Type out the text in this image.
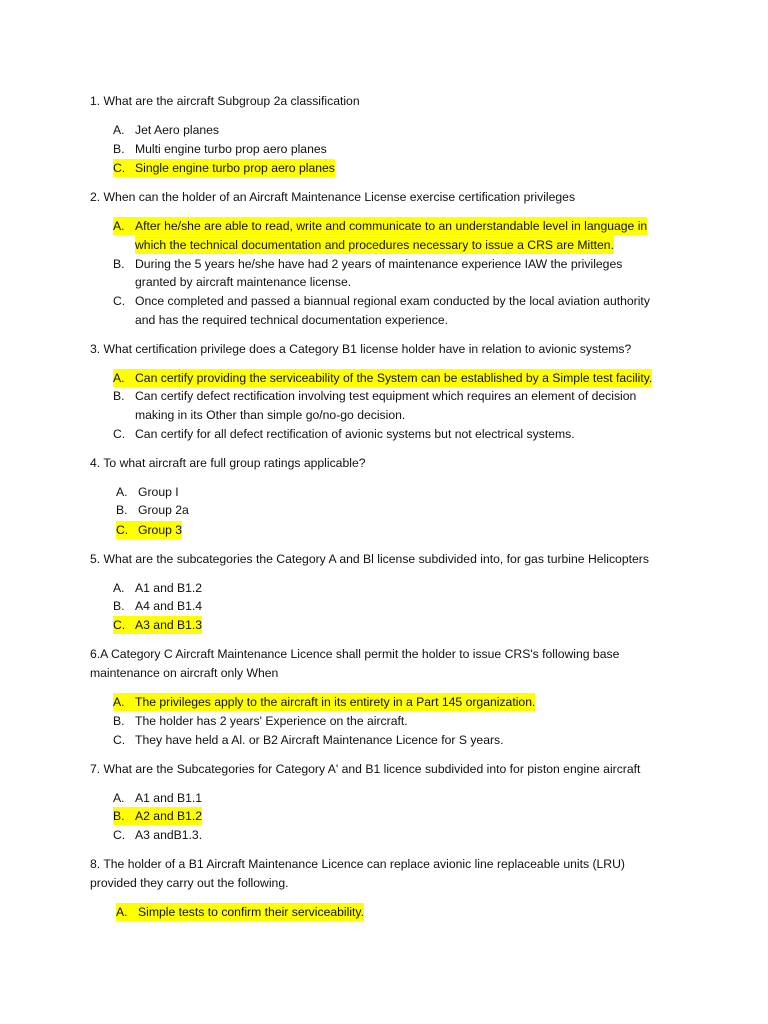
1. What are the aircraft Subgroup 2a classification
A. Jet Aero planes
B. Multi engine turbo prop aero planes
C. Single engine turbo prop aero planes
2. When can the holder of an Aircraft Maintenance License exercise certification privileges
A. After he/she are able to read, write and communicate to an understandable level in language in
which the technical documentation and procedures necessary to issue a CRS are Mitten.
B. During the 5 years he/she have had 2 years of maintenance experience IAW the privileges
granted by aircraft maintenance license.
C. Once completed and passed a biannual regional exam conducted by the local aviation authority
and has the required technical documentation experience.
3. What certification privilege does a Category B1 license holder have in relation to avionic systems?
A. Can certify providing the serviceability of the System can be established by a Simple test facility.
B. Can certify defect rectification involving test equipment which requires an element of decision
making in its Other than simple go/no-go decision.
C. Can certify for all defect rectification of avionic systems but not electrical systems.
4. To what aircraft are full group ratings applicable?
A. Group I
B. Group 2a
C. Group 3
5. What are the subcategories the Category A and Bl license subdivided into, for gas turbine Helicopters
A. A1 and B1.2
B. A4 and B1.4
C. A3 and B1.3
6.A Category C Aircraft Maintenance Licence shall permit the holder to issue CRS's following base
maintenance on aircraft only When
A. The privileges apply to the aircraft in its entirety in a Part 145 organization.
B. The holder has 2 years' Experience on the aircraft.
C. They have held a Al. or B2 Aircraft Maintenance Licence for S years.
7. What are the Subcategories for Category A' and B1 licence subdivided into for piston engine aircraft
A. A1 and B1.1
B. A2 and B1.2
C. A3 andB1.3.
8. The holder of a B1 Aircraft Maintenance Licence can replace avionic line replaceable units (LRU)
provided they carry out the following.
A. Simple tests to confirm their serviceability.
